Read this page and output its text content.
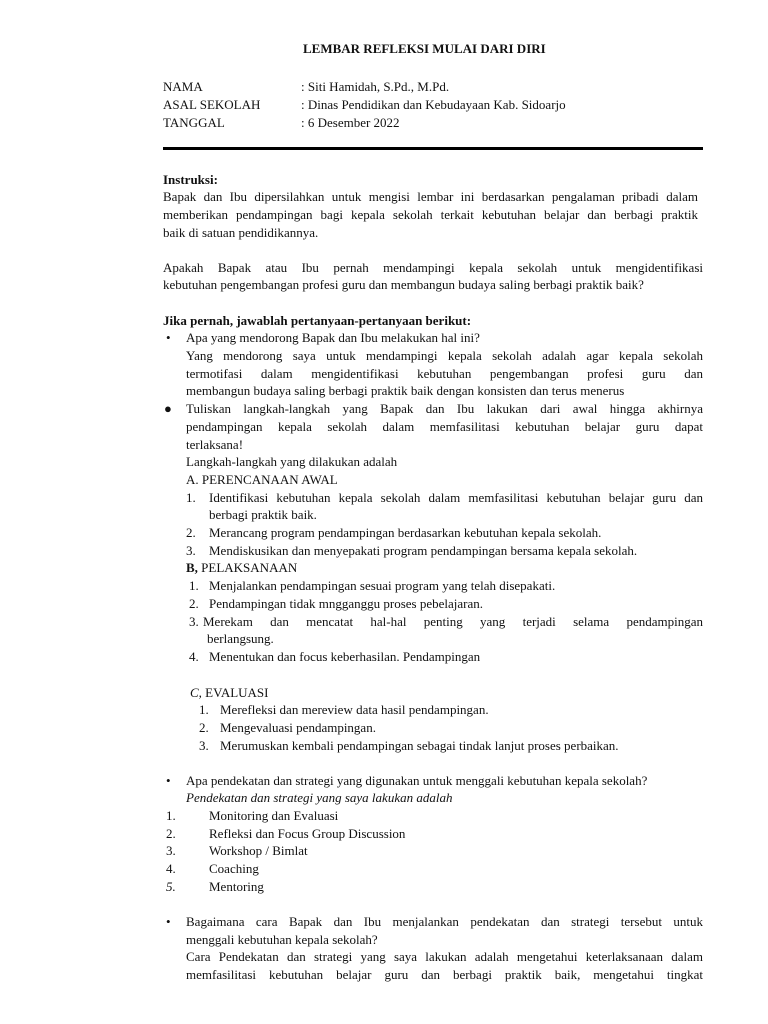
LEMBAR REFLEKSI MULAI DARI DIRI
NAMA	: Siti Hamidah, S.Pd., M.Pd.
ASAL SEKOLAH	: Dinas Pendidikan dan Kebudayaan Kab. Sidoarjo
TANGGAL	: 6 Desember 2022
Instruksi:
Bapak dan Ibu dipersilahkan untuk mengisi lembar ini berdasarkan pengalaman pribadi dalam
memberikan pendampingan bagi kepala sekolah terkait kebutuhan belajar dan berbagi praktik
baik di satuan pendidikannya.
Apakah Bapak atau Ibu pernah mendampingi kepala sekolah untuk mengidentifikasi
kebutuhan pengembangan profesi guru dan membangun budaya saling berbagi praktik baik?
Jika pernah, jawablah pertanyaan-pertanyaan berikut:
• Apa yang mendorong Bapak dan Ibu melakukan hal ini?
Yang mendorong saya untuk mendampingi kepala sekolah adalah agar kepala sekolah
termotifasi dalam mengidentifikasi kebutuhan pengembangan profesi guru dan
membangun budaya saling berbagi praktik baik dengan konsisten dan terus menerus
● Tuliskan langkah-langkah yang Bapak dan Ibu lakukan dari awal hingga akhirnya
pendampingan kepala sekolah dalam memfasilitasi kebutuhan belajar guru dapat
terlaksana!
Langkah-langkah yang dilakukan adalah
A. PERENCANAAN AWAL
1. Identifikasi kebutuhan kepala sekolah dalam memfasilitasi kebutuhan belajar guru dan
berbagi praktik baik.
2. Merancang program pendampingan berdasarkan kebutuhan kepala sekolah.
3. Mendiskusikan dan menyepakati program pendampingan bersama kepala sekolah.
B, PELAKSANAAN
1. Menjalankan pendampingan sesuai program yang telah disepakati.
2. Pendampingan tidak mngganggu proses pebelajaran.
3. Merekam dan mencatat hal-hal penting yang terjadi selama pendampingan
berlangsung.
4. Menentukan dan focus keberhasilan. Pendampingan
C, EVALUASI
1. Merefleksi dan mereview data hasil pendampingan.
2. Mengevaluasi pendampingan.
3. Merumuskan kembali pendampingan sebagai tindak lanjut proses perbaikan.
• Apa pendekatan dan strategi yang digunakan untuk menggali kebutuhan kepala sekolah?
Pendekatan dan strategi yang saya lakukan adalah
1.	Monitoring dan Evaluasi
2.	Refleksi dan Focus Group Discussion
3.	Workshop / Bimlat
4.	Coaching
5.	Mentoring
• Bagaimana cara Bapak dan Ibu menjalankan pendekatan dan strategi tersebut untuk
menggali kebutuhan kepala sekolah?
Cara Pendekatan dan strategi yang saya lakukan adalah mengetahui keterlaksanaan dalam
memfasilitasi kebutuhan belajar guru dan berbagi praktik baik, mengetahui tingkat
